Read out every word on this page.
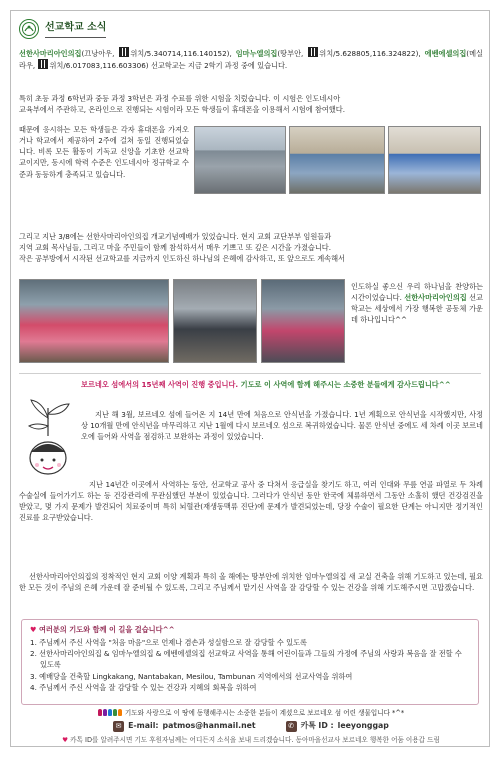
선교학교 소식
선한사마리아인의집(끄낭아우, 위치/5.340714,116.140152), 임마누엘의집(땅부안, 위치/5.628805,116.324822), 에벤에셀의집(메실라우, 위치/6.017083,116.603306) 선교학교는 지금 2학기 과정 중에 있습니다.
특히 초등 과정 6학년과 중등 과정 3학년은 과정 수료를 위한 시험을 치렀습니다. 이 시험은 인도네시아
교육부에서 주관하고, 온라인으로 진행되는 시험이라 모든 학생들이 휴대폰을 이용해서 시험에 참여했다.
때문에 응시하는 모든 학생들은 각자 휴대폰을 가져오거나 학교에서 제공하여 2주에 걸쳐 동일 진행되었습니다. 비록 모든 활동이 기독교 신앙을 기초한 선교학교이지만, 동시에 학력 수준은 인도네시아 정규학교 수준과 동등하게 충족되고 있습니다.
그리고 지난 3/8에는 선한사마리아인의집 개교기념예배가 있었습니다. 현지 교회 교단부부 임원들과
지역 교회 목사님들, 그리고 마을 주민들이 함께 참석하셔서 매우 기쁘고 또 깊은 시간을 가졌습니다.
작은 공부방에서 시작된 선교학교를 지금까지 인도하신 하나님의 은혜에 감사하고, 또 앞으로도 계속해서
인도하실 좋으신 우리 하나님을 찬양하는 시간이었습니다. 선한사마리아인의집 선교학교는 세상에서 가장 행복한 공동체 가운데 하나입니다^^
보르네오 섬에서의 15년째 사역이 진행 중입니다. 기도로 이 사역에 함께 해주시는 소중한 분들에게 감사드립니다^^
지난 해 3월, 보르네오 섬에 들어온 지 14년 만에 처음으로 안식년을 가졌습니다. 1년 계획으로 안식년을 시작했지만, 사정상 10개월 만에 안식년을 마무리하고 지난 1월에 다시 보르네오 섬으로 복귀하였습니다. 물론 안식년 중에도 세 차례 이곳 보르네오에 들어와 사역을 점검하고 보완하는 과정이 있었습니다.
지난 14년간 이곳에서 사역하는 동안, 선교학교 공사 중 다쳐서 응급실을 찾기도 하고, 여러 인대와 무릎 연골 파열로 두 차례 수술실에 들어가기도 하는 등 건강관리에 무관심했던 부분이 있었습니다. 그러다가 안식년 동안 한국에 체류하면서 그동안 소홀히 했던 건강검진을 받았고, 몇 가지 문제가 발견되어 치료중이며 특히 뇌혈관(재생동맥류 진단)에 문제가 발견되었는데, 당장 수술이 필요한 단계는 아니지만 정기적인 진료를 요구받았습니다.
선한사마리아인의집의 정착적인 현지 교회 이양 계획과 특히 올 해에는 땅부안에 위치한 임마누엘의집 새 교실 건축을 위해 기도하고 있는데, 필요한 모든 것이 주님의 은혜 가운데 잘 준비될 수 있도록, 그리고 주님께서 맡기신 사역을 잘 감당할 수 있는 건강을 위해 기도해주시면 고맙겠습니다.
♥ 여러분의 기도와 함께 이 길을 걸습니다^^
1. 주님께서 주신 사역을 "처음 마음"으로 언제나 겸손과 성실함으로 잘 감당할 수 있도록
2. 선한사마리아인의집 & 임마누엘의집 & 에벤에셀의집 선교학교 사역을 통해 어린이들과 그들의 가정에 주님의 사랑과 복음을 잘 전할 수 있도록
3. 예배당을 건축할 Lingkakang, Nantabakan, Mesilou, Tambunan 지역에서의 선교사역을 위하여
4. 주님께서 주신 사역을 잘 감당할 수 있는 건강과 지혜의 회복을 위하여
기도와 사랑으로 이 땅에 동행해주시는 소중한 분들이 계셨으로 보르네오 섬 어린 생물입니다 *^*
✉ E-mail: patmos@hanmail.net	✆ 카톡 ID : leeyonggap
♥ 카톡 ID를 알려주시면 기도 후원자님께는 어디든지 소식을 보내 드리겠습니다. 동아마을선교사 보르네오 행복한 어둠 이용갑 드림
